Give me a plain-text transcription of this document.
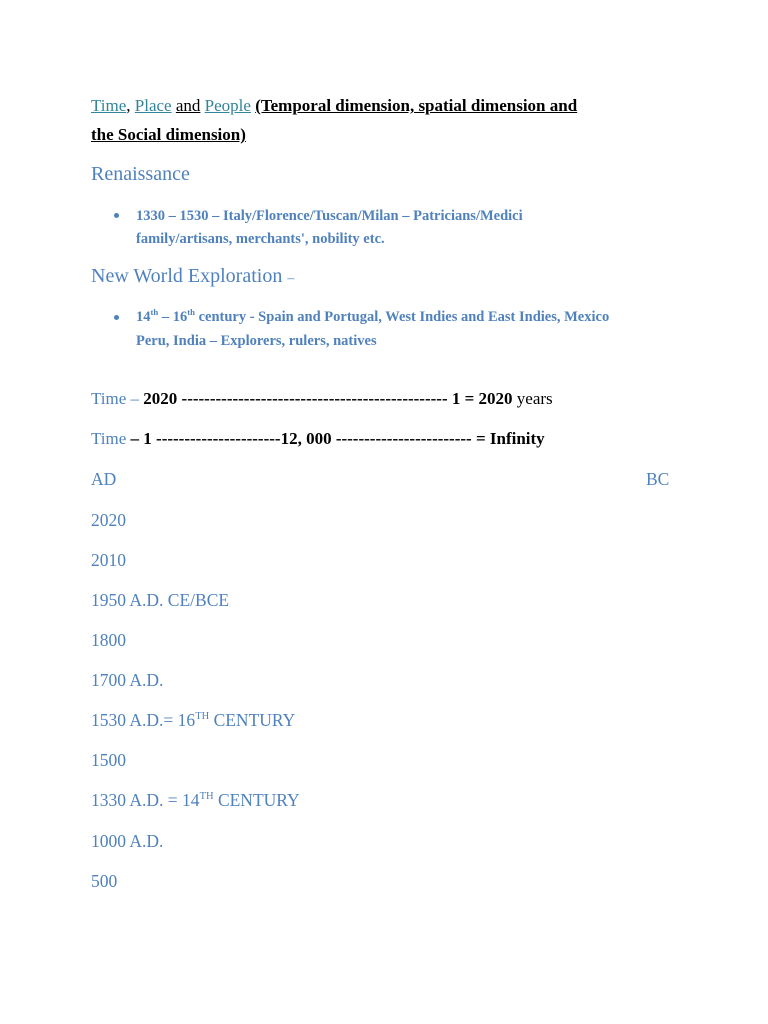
Time, Place and People (Temporal dimension, spatial dimension and
the Social dimension)
Renaissance
1330 – 1530 – Italy/Florence/Tuscan/Milan – Patricians/Medici
family/artisans, merchants', nobility etc.
New World Exploration –
14th – 16th century - Spain and Portugal, West Indies and East Indies, Mexico
Peru, India – Explorers, rulers, natives
Time – 2020 ----------------------------------------------- 1 = 2020 years
Time – 1 ----------------------12, 000 ------------------------ = Infinity
AD	BC
2020
2010
1950 A.D. CE/BCE
1800
1700 A.D.
1530 A.D.= 16TH CENTURY
1500
1330 A.D. = 14TH CENTURY
1000 A.D.
500
